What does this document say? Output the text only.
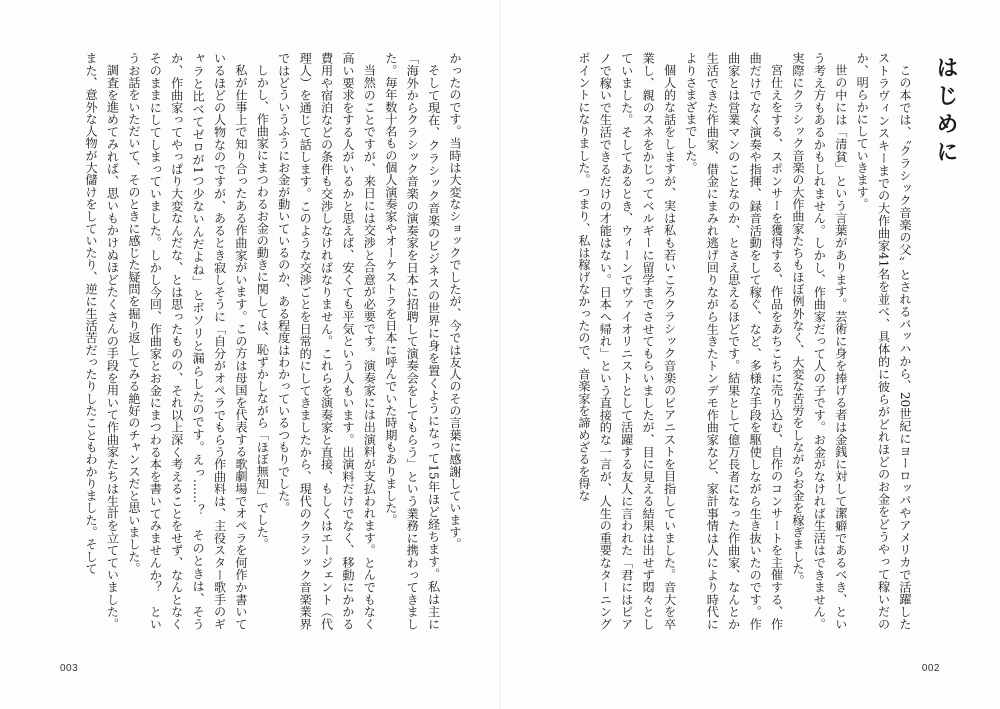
かったのです。当時は大変なショックでしたが、今では友人のその言葉に感謝しています。

そして現在、クラシック音楽のビジネスの世界に身を置くようになって15年ほど経ちます。私は主に「海外からクラシック音楽の演奏家を日本に招聘して演奏会をしてもらう」という業務に携わってきました。毎年数十名もの個人演奏家やオーケストラを日本に呼んでいた時期もありました。

当然のことですが、来日には交渉と合意が必要です。演奏家には出演料が支払われます。とんでもなく高い要求をする人がいるかと思えば、安くても平気という人もいます。出演料だけでなく、移動にかかる費用や宿泊などの条件も交渉しなければなりません。これらを演奏家と直接、もしくはエージェント（代理人）を通じて話します。このような交渉ごとを日常的にしてきましたから、現代のクラシック音楽業界ではどういうふうにお金が動いているのか、ある程度はわかっているつもりでした。

しかし、作曲家にまつわるお金の動きに関しては、恥ずかしながら「ほぼ無知」でした。

私が仕事上で知り合ったある作曲家がいます。この方は母国を代表する歌劇場でオペラを何作か書いているほどの人物なのですが、あるとき寂しそうに「自分がオペラでもらう作曲料は、主役スター歌手のギャラと比べてゼロが1つ少ないんだよね」とボソリと漏らしたのです。えっ……？　そのときは、そうか、作曲家ってやっぱり大変なんだな、とは思ったものの、それ以上深く考えることをせず、なんとなくそのままにしてしまっていました。しかし今回、作曲家とお金にまつわる本を書いてみませんか？　というお話をいただいて、そのときに感じた疑問を掘り返してみる絶好のチャンスだと思いました。

調査を進めてみれば、思いもかけぬほどたくさんの手段を用いて作曲家たちは生計を立てていました。また、意外な人物が大儲けをしていたり、逆に生活苦だったりしたこともわかりました。そして

003
はじめに

この本では、〝クラシック音楽の父〟とされるバッハから、20世紀にヨーロッパやアメリカで活躍したストラヴィンスキーまでの大作曲家41名を並べ、具体的に彼らがどれほどのお金をどうやって稼いだのか、明らかにしていきます。

世の中には「清貧」という言葉があります。芸術に身を捧げる者は金銭に対して潔癖であるべき、という考え方もあるかもしれません。しかし、作曲家だって人の子です。お金がなければ生活はできません。実際にクラシック音楽の大作曲家たちもほぼ例外なく、大変な苦労をしながらお金を稼ぎました。

宮仕えをする、スポンサーを獲得する、作品をあちこちに売り込む、自作のコンサートを主催する、作曲だけでなく演奏や指揮、録音活動をして稼ぐ、など、多様な手段を駆使しながら生き抜いたのです。作曲家とは営業マンのことなのか、とさえ思えるほどです。結果として億万長者になった作曲家、なんとか生活できた作曲家、借金にまみれ逃げ回りながら生きたトンデモ作曲家など、家計事情は人により時代によりさまざまでした。

個人的な話をしますが、実は私も若いころクラシック音楽のピアニストを目指していました。音大を卒業し、親のスネをかじってベルギーに留学までさせてもらいましたが、目に見える結果は出せず悶々としていました。そしてあるとき、ウィーンでヴァイオリニストとして活躍する友人に言われた「君にはピアノで稼いで生活できるだけの才能はない。日本へ帰れ」という直接的な一言が、人生の重要なターニングポイントになりました。つまり、私は稼げなかったので、音楽家を諦めざるを得な

002
